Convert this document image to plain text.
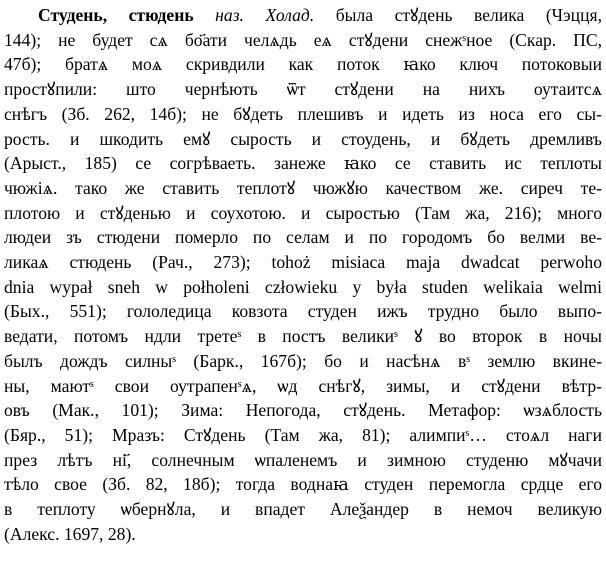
Студень, стюдень наз. Холад. была стꙋдень велика (Чэцця,
144); не будет сѧ бо҃ати челѧдь еѧ стꙋдени снежˢное (Скар. ПС,
47б); братѧ моѧ скривдили как поток ꙗко ключ потоковыи
простꙋпили: што чернѣють ѿт стꙋдени на нихъ оутаитсѧ
снѣгъ (Зб. 262, 14б); не бꙋдеть плешивъ и идеть из носа его сы-
рость. и шкодить емꙋ сырость и стоудень, и бꙋдеть дремливъ
(Арыст., 185) се согрѣваеть. занеже ꙗко се ставить ис теплоты
чюжіѧ. тако же ставить теплотꙋ чюжꙋю качеством же. сиреч те-
плотою и стꙋденью и соухотою. и сыростью (Там жа, 216); много
людеи зъ стюдени померло по селам и по городомъ бо велми ве-
ликаѧ стюдень (Рач., 273); tohoż misiaca maja dwadcat perwoho
dnia wypał sneh w połholeni człowieku y była studen welikaia welmi
(Бых., 551); гололедица ковзота студен ижъ трудно было выпо-
ведати, потомъ ндли третеˢ в постъ великиˢ ꙋ во второк в ночы
былъ дождъ силныˢ (Барк., 167б); бо и насѣнѧ вˢ землю вкине-
ны, маютˢ свои оутрапенˢѧ, ѡд снѣгꙋ, зимы, и стꙋдени вѣтр-
овъ (Мак., 101); Зима: Непогода, стꙋдень. Метафор: ѡзѧблость
(Бяр., 51); Мразъ: Стꙋдень (Там жа, 81); алимпиˢ… стоѧл наги
през лѣтъ ні҃, солнечным ѡпаленемъ и зимною студеню мꙋчачи
тѣло свое (Зб. 82, 18б); тогда воднаꙗ студен перемогла срдце его
в теплоту ѡбернꙋла, и впадет Алеѯандер в немоч великую
(Алекс. 1697, 28).
